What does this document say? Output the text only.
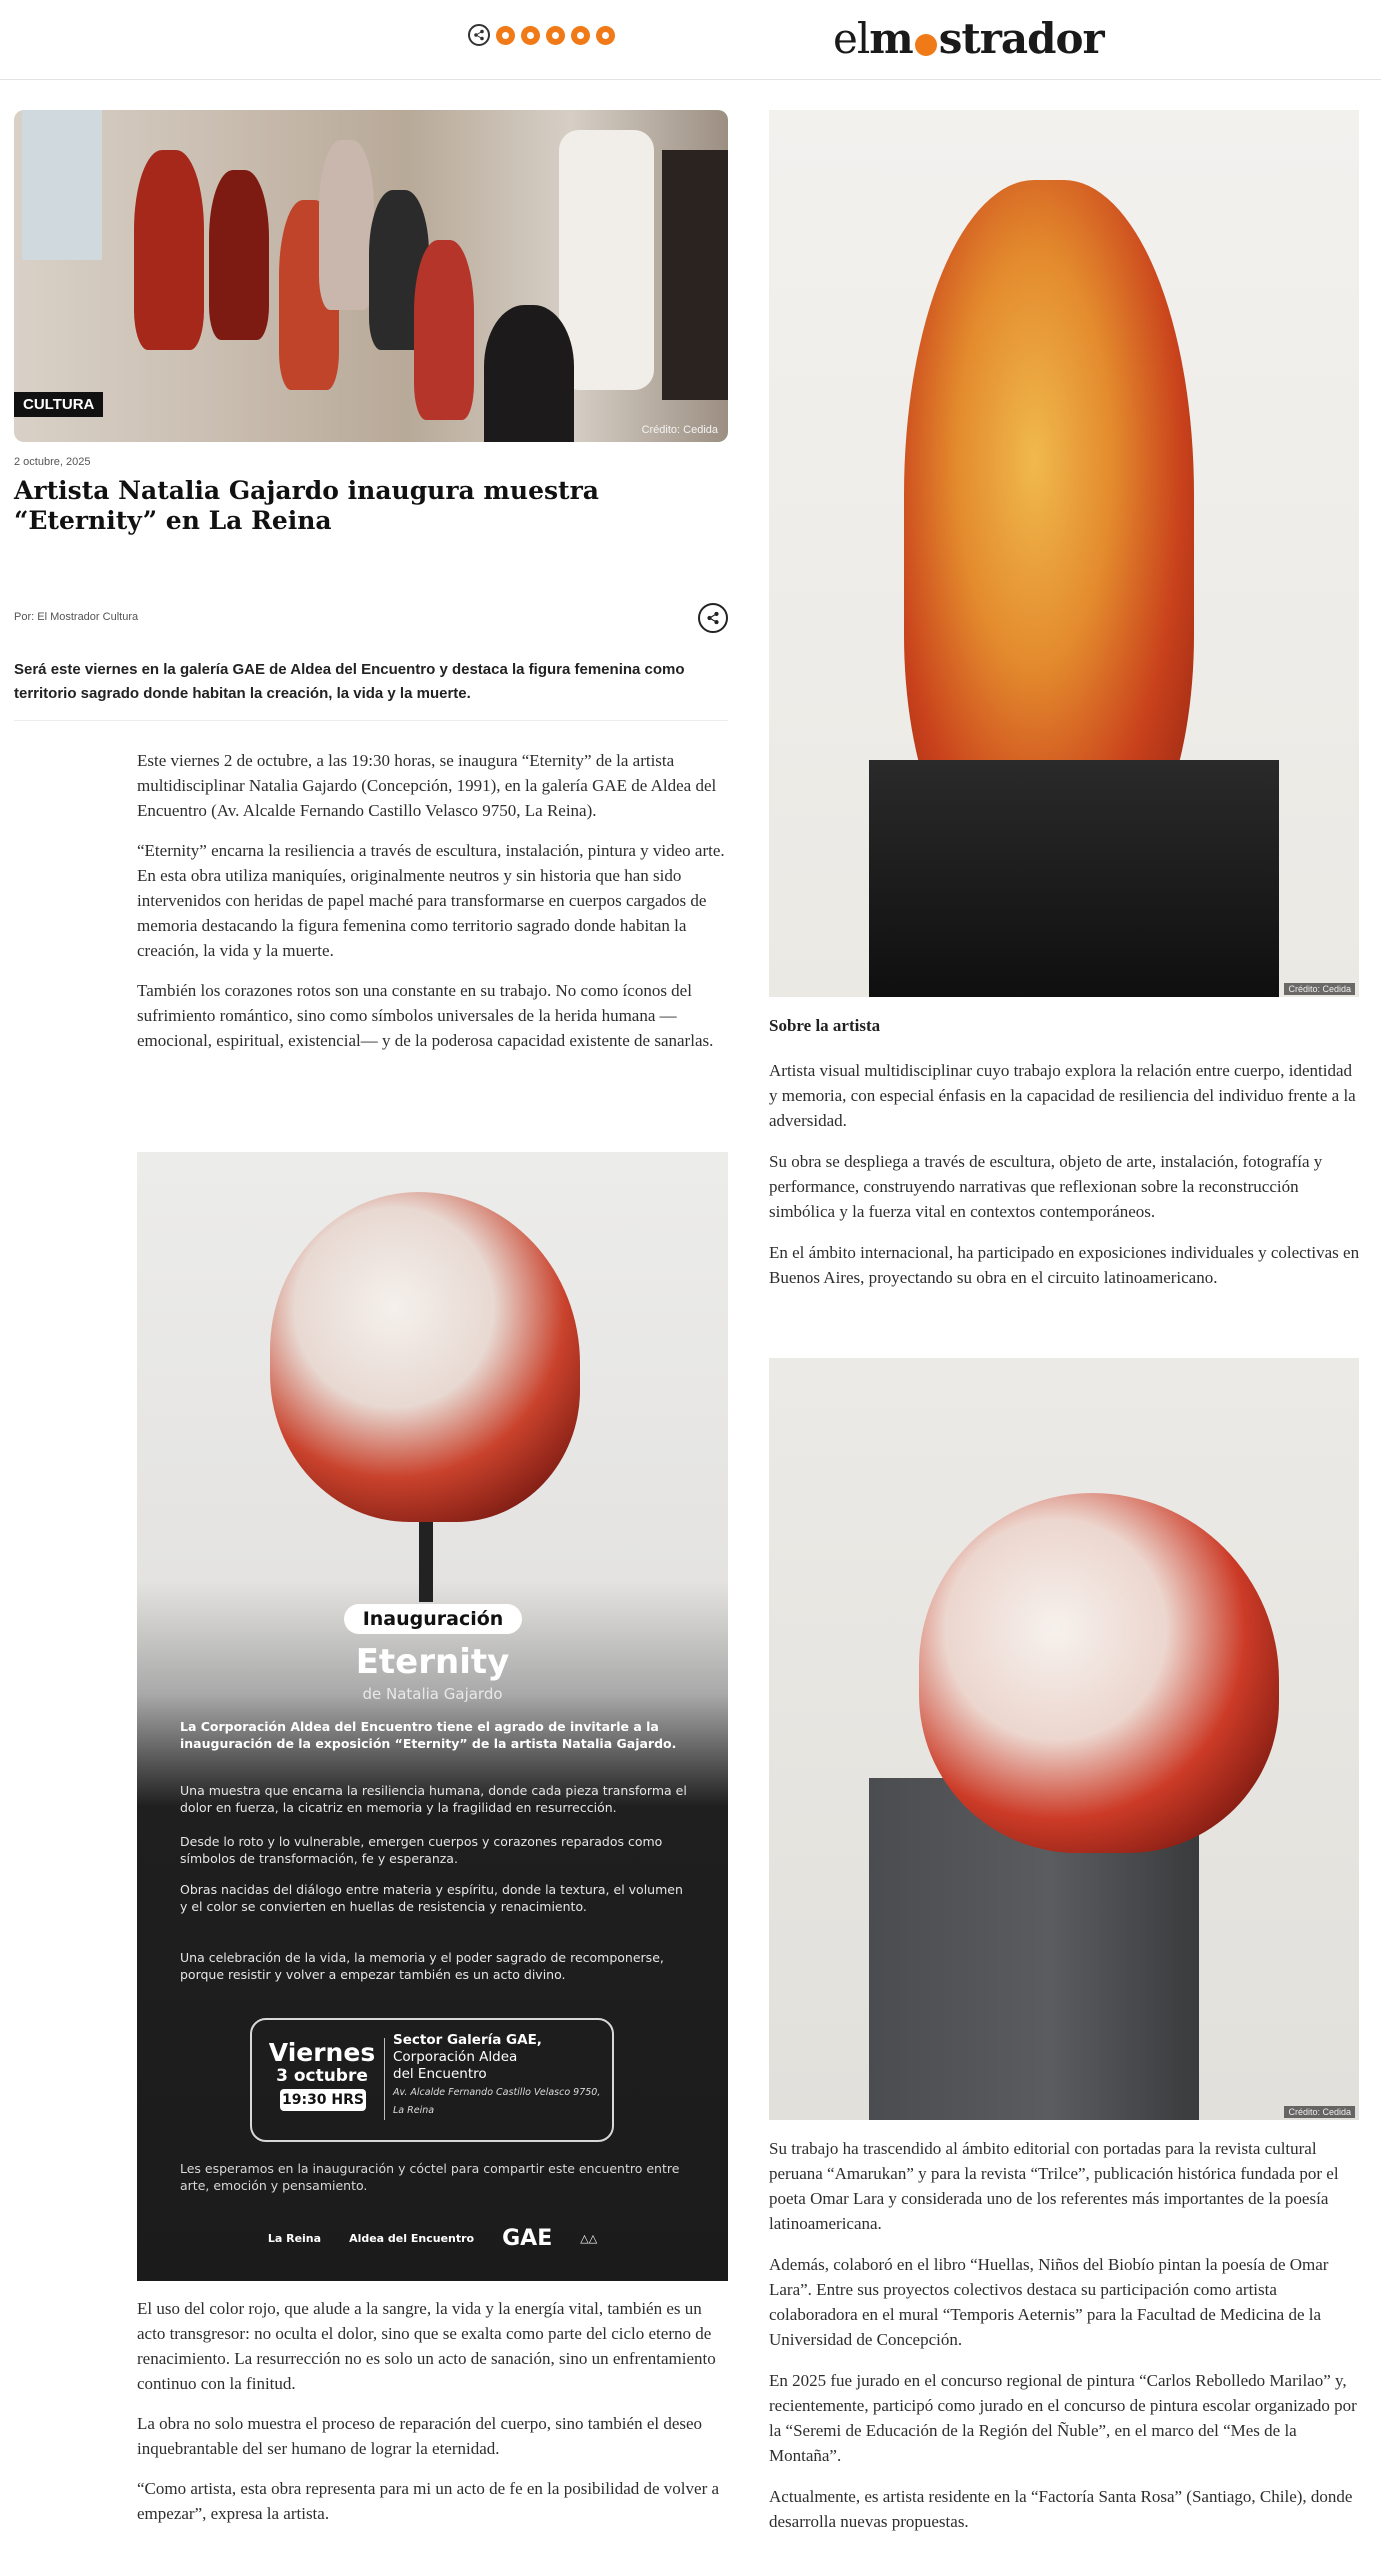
el m strador
Crédito: Cedida
CULTURA
2 octubre, 2025
Artista Natalia Gajardo inaugura muestra “Eternity” en La Reina
Por: El Mostrador Cultura

Será este viernes en la galería GAE de Aldea del Encuentro y destaca la figura femenina como territorio sagrado donde habitan la creación, la vida y la muerte.

Este viernes 2 de octubre, a las 19:30 horas, se inaugura “Eternity” de la artista multidisciplinar Natalia Gajardo (Concepción, 1991), en la galería GAE de Aldea del Encuentro (Av. Alcalde Fernando Castillo Velasco 9750, La Reina).

“Eternity” encarna la resiliencia a través de escultura, instalación, pintura y video arte. En esta obra utiliza maniquíes, originalmente neutros y sin historia que han sido intervenidos con heridas de papel maché para transformarse en cuerpos cargados de memoria destacando la figura femenina como territorio sagrado donde habitan la creación, la vida y la muerte.

También los corazones rotos son una constante en su trabajo. No como íconos del sufrimiento romántico, sino como símbolos universales de la herida humana —emocional, espiritual, existencial— y de la poderosa capacidad existente de sanarlas.

Inauguración
Eternity
de Natalia Gajardo

La Corporación Aldea del Encuentro tiene el agrado de invitarle a la inauguración de la exposición “Eternity” de la artista Natalia Gajardo.

Una muestra que encarna la resiliencia humana, donde cada pieza transforma el dolor en fuerza, la cicatriz en memoria y la fragilidad en resurrección.

Desde lo roto y lo vulnerable, emergen cuerpos y corazones reparados como símbolos de transformación, fe y esperanza.

Obras nacidas del diálogo entre materia y espíritu, donde la textura, el volumen y el color se convierten en huellas de resistencia y renacimiento.

Una celebración de la vida, la memoria y el poder sagrado de recomponerse, porque resistir y volver a empezar también es un acto divino.

Viernes
3 octubre
19:30 HRS
Sector Galería GAE,
Corporación Aldea
del Encuentro
Av. Alcalde Fernando Castillo Velasco 9750,
La Reina

Les esperamos en la inauguración y cóctel para compartir este encuentro entre arte, emoción y pensamiento.

La Reina	Aldea del Encuentro GAE	△△

El uso del color rojo, que alude a la sangre, la vida y la energía vital, también es un acto transgresor: no oculta el dolor, sino que se exalta como parte del ciclo eterno de renacimiento. La resurrección no es solo un acto de sanación, sino un enfrentamiento continuo con la finitud.

La obra no solo muestra el proceso de reparación del cuerpo, sino también el deseo inquebrantable del ser humano de lograr la eternidad.

“Como artista, esta obra representa para mi un acto de fe en la posibilidad de volver a empezar”, expresa la artista.

Crédito: Cedida
Sobre la artista

Artista visual multidisciplinar cuyo trabajo explora la relación entre cuerpo, identidad y memoria, con especial énfasis en la capacidad de resiliencia del individuo frente a la adversidad.

Su obra se despliega a través de escultura, objeto de arte, instalación, fotografía y performance, construyendo narrativas que reflexionan sobre la reconstrucción simbólica y la fuerza vital en contextos contemporáneos.

En el ámbito internacional, ha participado en exposiciones individuales y colectivas en Buenos Aires, proyectando su obra en el circuito latinoamericano.

Crédito: Cedida

Su trabajo ha trascendido al ámbito editorial con portadas para la revista cultural peruana “Amarukan” y para la revista “Trilce”, publicación histórica fundada por el poeta Omar Lara y considerada uno de los referentes más importantes de la poesía latinoamericana.

Además, colaboró en el libro “Huellas, Niños del Biobío pintan la poesía de Omar Lara”. Entre sus proyectos colectivos destaca su participación como artista colaboradora en el mural “Temporis Aeternis” para la Facultad de Medicina de la Universidad de Concepción.

En 2025 fue jurado en el concurso regional de pintura “Carlos Rebolledo Marilao” y, recientemente, participó como jurado en el concurso de pintura escolar organizado por la “Seremi de Educación de la Región del Ñuble”, en el marco del “Mes de la Montaña”.

Actualmente, es artista residente en la “Factoría Santa Rosa” (Santiago, Chile), donde desarrolla nuevas propuestas.
